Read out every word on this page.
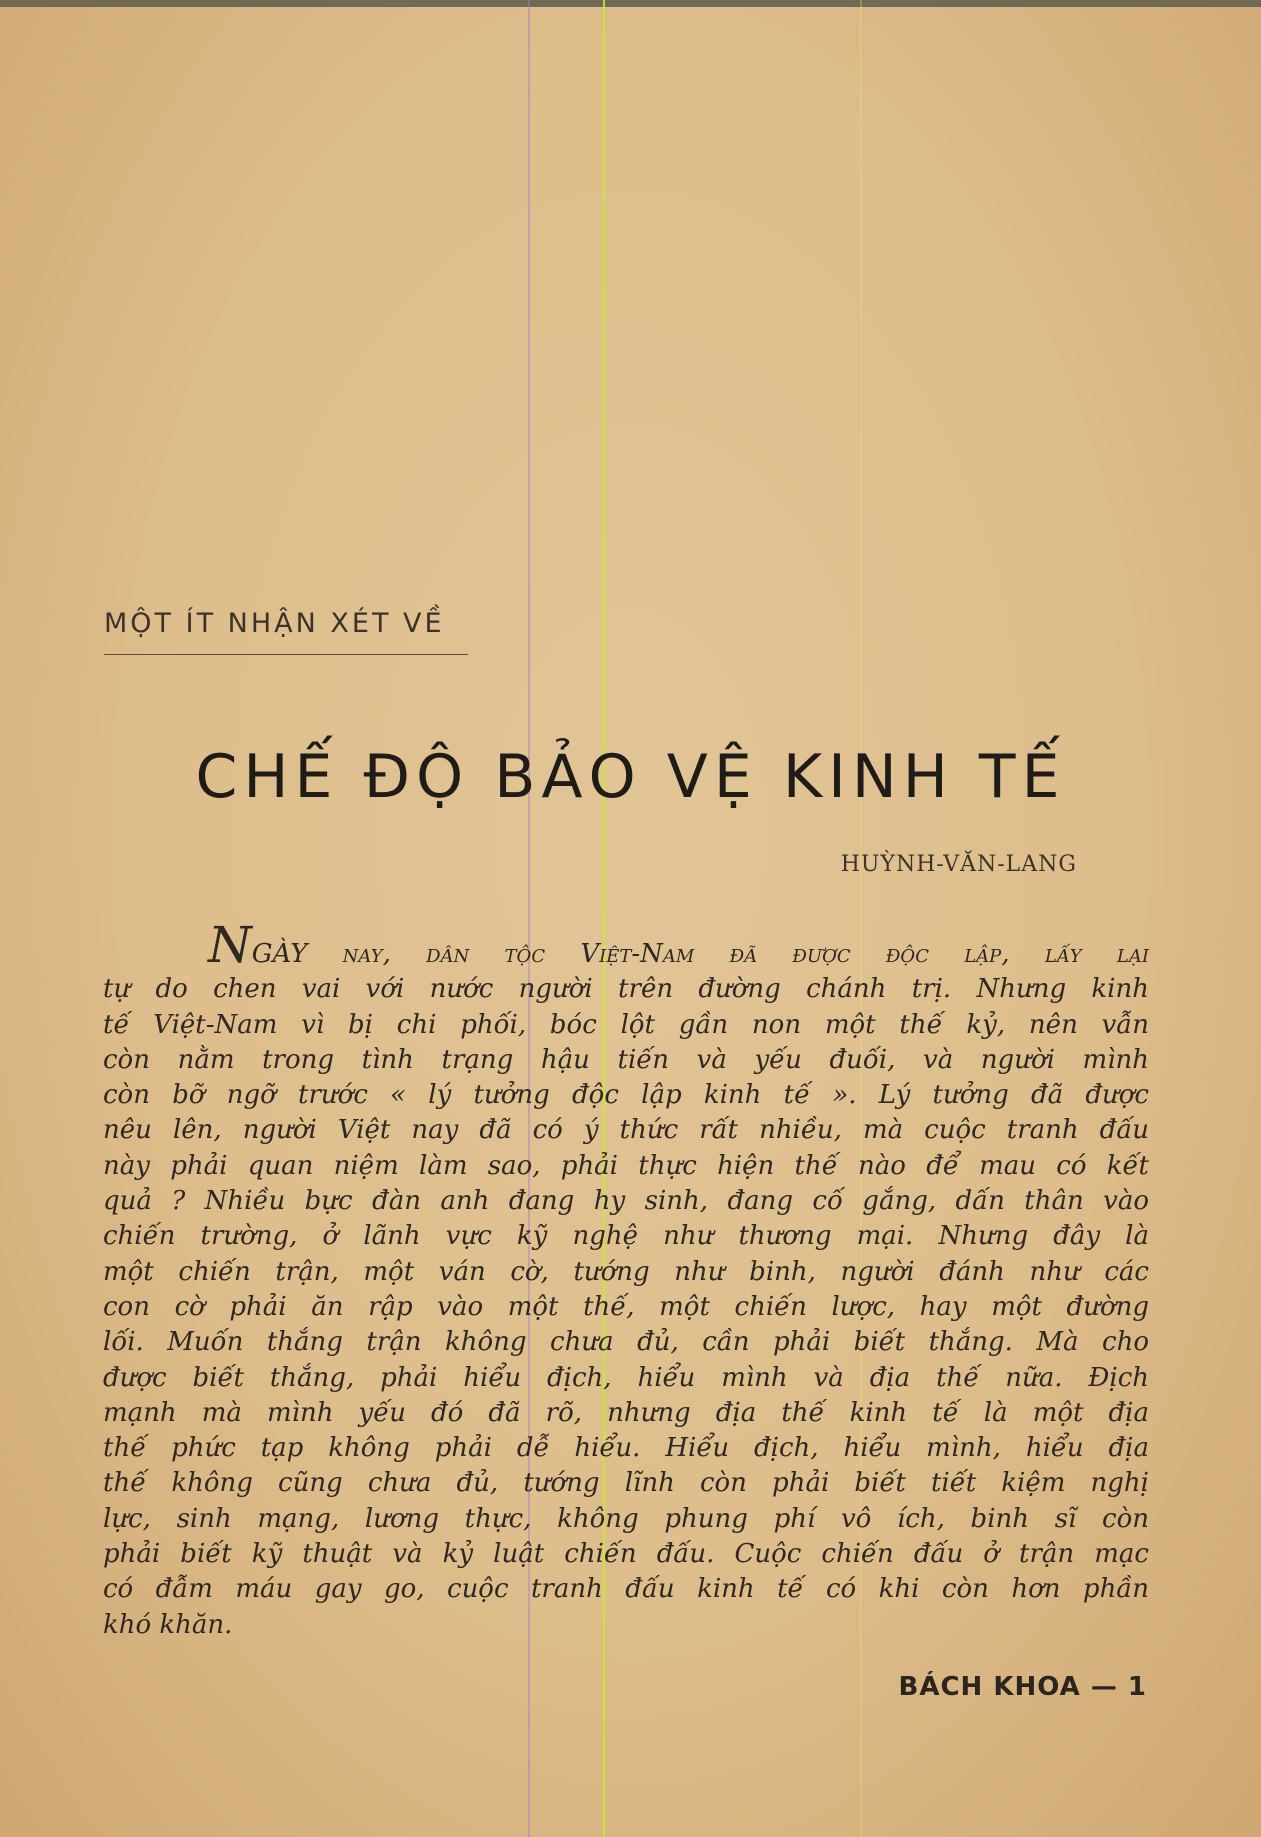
MỘT ÍT NHẬN XÉT VỀ
CHẾ ĐỘ BẢO VỆ KINH TẾ
HUỲNH-VĂN-LANG
NGÀY nay, dân tộc Việt-Nam đã được độc lập, lấy lại
tự do chen vai với nước người trên đường chánh trị. Nhưng kinh
tế Việt-Nam vì bị chi phối, bóc lột gần non một thế kỷ, nên vẫn
còn nằm trong tình trạng hậu tiến và yếu đuối, và người mình
còn bỡ ngỡ trước « lý tưởng độc lập kinh tế ». Lý tưởng đã được
nêu lên, người Việt nay đã có ý thức rất nhiều, mà cuộc tranh đấu
này phải quan niệm làm sao, phải thực hiện thế nào để mau có kết
quả ? Nhiều bực đàn anh đang hy sinh, đang cố gắng, dấn thân vào
chiến trường, ở lãnh vực kỹ nghệ như thương mại. Nhưng đây là
một chiến trận, một ván cờ, tướng như binh, người đánh như các
con cờ phải ăn rập vào một thế, một chiến lược, hay một đường
lối. Muốn thắng trận không chưa đủ, cần phải biết thắng. Mà cho
được biết thắng, phải hiểu địch, hiểu mình và địa thế nữa. Địch
mạnh mà mình yếu đó đã rõ, nhưng địa thế kinh tế là một địa
thế phức tạp không phải dễ hiểu. Hiểu địch, hiểu mình, hiểu địa
thế không cũng chưa đủ, tướng lĩnh còn phải biết tiết kiệm nghị
lực, sinh mạng, lương thực, không phung phí vô ích, binh sĩ còn
phải biết kỹ thuật và kỷ luật chiến đấu. Cuộc chiến đấu ở trận mạc
có đẫm máu gay go, cuộc tranh đấu kinh tế có khi còn hơn phần
khó khăn.
BÁCH KHOA — 1
